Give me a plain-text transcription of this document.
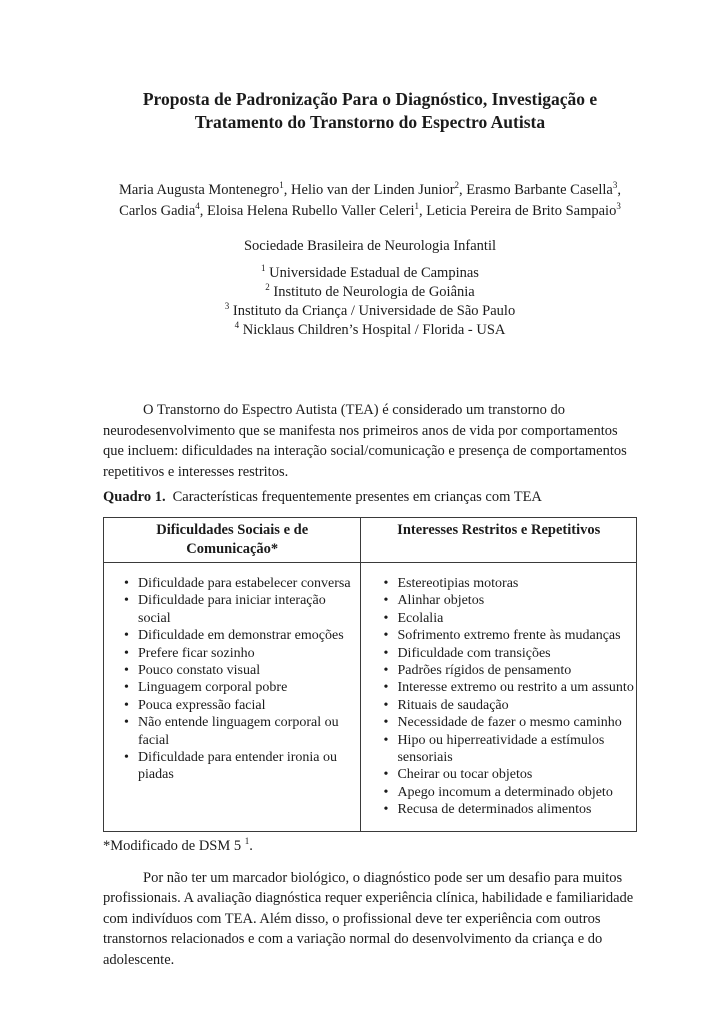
Proposta de Padronização Para o Diagnóstico, Investigação e
Tratamento do Transtorno do Espectro Autista

Maria Augusta Montenegro$^1$, Helio van der Linden Junior$^2$, Erasmo Barbante Casella$^3$, Carlos Gadia$^4$, Eloisa Helena Rubello Valler Celeri$^1$, Leticia Pereira de Brito Sampaio$^3$

Sociedade Brasileira de Neurologia Infantil

$^1$ Universidade Estadual de Campinas

$^2$ Instituto de Neurologia de Goiânia

$^3$ Instituto da Criança / Universidade de São Paulo

$^4$ Nicklaus Children’s Hospital / Florida - USA

O Transtorno do Espectro Autista (TEA) é considerado um transtorno do neurodesenvolvimento que se manifesta nos primeiros anos de vida por comportamentos que incluem: dificuldades na interação social/comunicação e presença de comportamentos repetitivos e interesses restritos.

Quadro 1. Características frequentemente presentes em crianças com TEA

Dificuldades Sociais e de Comunicação*	Interesses Restritos e Repetitivos

• Dificuldade para estabelecer conversa
• Dificuldade para iniciar interação social
• Dificuldade em demonstrar emoções
• Prefere ficar sozinho
• Pouco constato visual
• Linguagem corporal pobre
• Pouca expressão facial
• Não entende linguagem corporal ou facial
• Dificuldade para entender ironia ou piadas

• Estereotipias motoras
• Alinhar objetos
• Ecolalia
• Sofrimento extremo frente às mudanças
• Dificuldade com transições
• Padrões rígidos de pensamento
• Interesse extremo ou restrito a um assunto
• Rituais de saudação
• Necessidade de fazer o mesmo caminho
• Hipo ou hiperreatividade a estímulos sensoriais
• Cheirar ou tocar objetos
• Apego incomum a determinado objeto
• Recusa de determinados alimentos

*Modificado de DSM 5 $^1$.

Por não ter um marcador biológico, o diagnóstico pode ser um desafio para muitos profissionais. A avaliação diagnóstica requer experiência clínica, habilidade e familiaridade com indivíduos com TEA. Além disso, o profissional deve ter experiência com outros transtornos relacionados e com a variação normal do desenvolvimento da criança e do adolescente.
